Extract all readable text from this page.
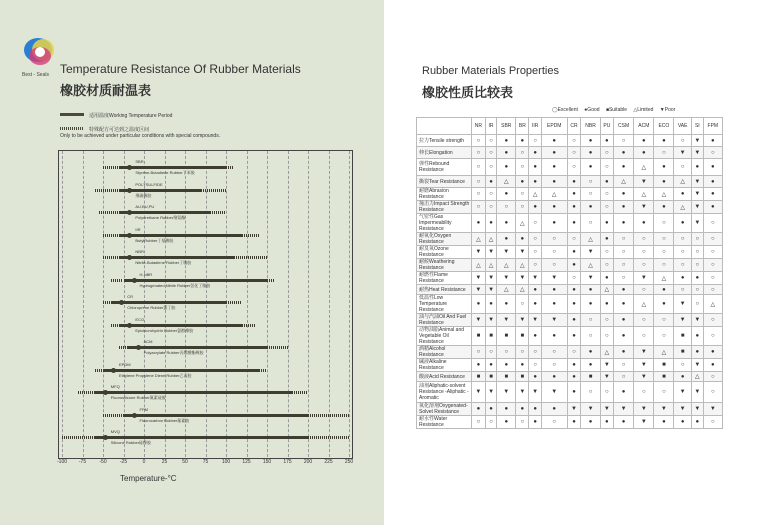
Best - Seals Temperature Resistance Of Rubber Materials
橡胶材质耐温表
适用温度Working Temperature Period
特殊配方可达到之温度区间
Only to be achieved under particular conditions with special compounds.
-100 -75	-50	-25	0	25	50	75	100 125 150 175 200 225 250
SBR
Styrene-Butadiene Rubber丁苯胶
POLYSULFIDE
聚硫橡胶
AU,EU,PU
Polyurethane Rubber聚氨酯
IIR
ButylRubber丁基橡胶
NBR
Nitrile-Butadiene Rubber丁腈胶
H-NBR
Hydrogenated Nitrile Rubber氢化丁腈胶
CR
Chloroprene Rubber氯丁胶
ECO
Epichlorohydrin Rubber氯醇橡胶
ACM
Polyacrylate Rubber丙烯酸酯橡胶
EPDM
Ethylene Propylene Diene Rubber乙丙胶
MFQ
Fluorosilicone Rubber氟素硅胶
FPM
Fluorocarbon Rubber氟素胶
MVQ
Silicone Rubber硅橡胶
Temperature-°C
Rubber Materials Properties
橡胶性质比较表
◯Excellent ●Good ■Suitable △Limited ▼Poor
	NR	IR	SBR	BR	IIR	EPDM	CR	NBR	PU	CSM	ACM	ECO	VAE	SI	FPM
拉力Tensile strength	○	○	●	●	○	●	○	●	●	○	●	●	○	▼	●
伸长Elongation	○	○	●	○	●	●	○	●	○	●	●	○	▼	▼	○
弹性Rebound Resistance	○	○	●	○	●	●	○	●	○	●	△	●	○	●	●
撕裂Tear Resistance	○	●	△	●	●	●	●	○	●	△	▼	●	△	▼	●
耐磨Abrasion Resistance	○	○	●	○	△	△	●	○	○	●	△	△	●	▼	●
撞击力Impact Strength Resistance	○	○	○	○	●	●	●	●	○	●	▼	●	△	▼	●
气密性Gas Impermeability Resistance	●	●	●	△	○	●	●	○	●	●	●	○	●	▼	○
耐氧化Oxygen Resistance	△	△	●	●	○	○	○	△	●	○	○	○	○	○	○
耐臭氧Ozone Resistance	▼	▼	▼	▼	○	○	●	▼	○	○	○	○	○	○	○
耐候Weathering Resistance	△	△	△	△	○	○	●	△	○	○	○	○	○	○	○
耐燃性Flame Resistance	▼	▼	▼	▼	▼	▼	○	▼	●	○	▼	△	●	●	○
耐热Heat Resistance	▼	▼	△	△	●	●	●	●	△	●	○	●	○	○	○
低温性Low Temperature Resistance	●	●	●	○	●	●	●	●	●	●	△	●	▼	○	△
油与汽油Oil And Fuel Resistance	▼	▼	▼	▼	▼	▼	●	○	○	●	○	○	▼	▼	○
动物油脂Animal and Vegetable Oil Resistance	■	■	■	■	●	●	●	○	○	●	○	○	■	●	○
酒精Alcohol Resistance	○	○	○	○	○	○	○	●	△	●	▼	△	■	●	●
碱液Alkaline Resistance	●	●	●	●	○	○	●	●	▼	○	▼	■	○	▼	●
酸液Acid Resistance	■	■	■	■	●	●	●	■	▼	○	▼	■	●	△	○
油剂Aliphatic-solvent Resistance -Aliphatic -Aromatic	▼	▼	▼	▼	▼	▼	●	○	○	●	○	○	▼	▼	○
氧化溶剂Oxygenated-Solvet Resistance	●	●	●	●	●	●	▼	▼	▼	▼	▼	▼	▼	▼	▼
耐水性Water Resistance	○	○	●	○	●	○	●	●	●	●	▼	●	●	●	○
